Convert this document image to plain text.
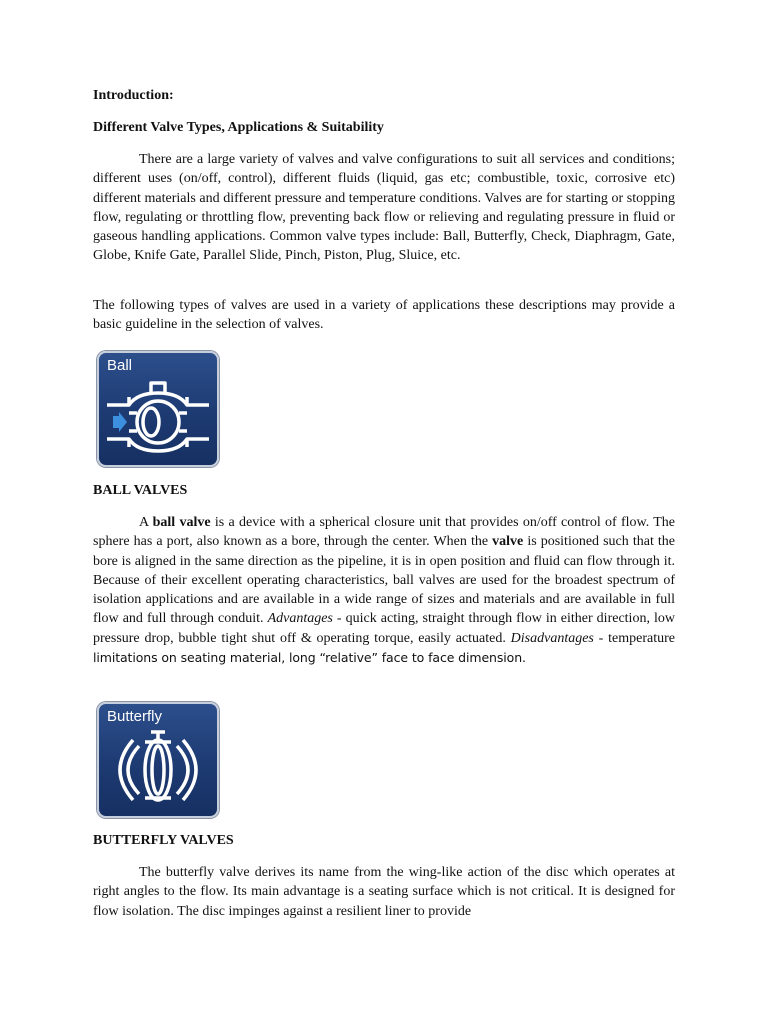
Introduction:
Different Valve Types, Applications & Suitability

There are a large variety of valves and valve configurations to suit all services and conditions; different uses (on/off, control), different fluids (liquid, gas etc; combustible, toxic, corrosive etc) different materials and different pressure and temperature conditions. Valves are for starting or stopping flow, regulating or throttling flow, preventing back flow or relieving and regulating pressure in fluid or gaseous handling applications. Common valve types include: Ball, Butterfly, Check, Diaphragm, Gate, Globe, Knife Gate, Parallel Slide, Pinch, Piston, Plug, Sluice, etc.

The following types of valves are used in a variety of applications these descriptions may provide a basic guideline in the selection of valves.

Ball
BALL VALVES

A ball valve is a device with a spherical closure unit that provides on/off control of flow. The sphere has a port, also known as a bore, through the center. When the valve is positioned such that the bore is aligned in the same direction as the pipeline, it is in open position and fluid can flow through it. Because of their excellent operating characteristics, ball valves are used for the broadest spectrum of isolation applications and are available in a wide range of sizes and materials and are available in full flow and full through conduit. Advantages - quick acting, straight through flow in either direction, low pressure drop, bubble tight shut off & operating torque, easily actuated. Disadvantages - temperature limitations on seating material, long “relative” face to face dimension.

Butterfly
BUTTERFLY VALVES

The butterfly valve derives its name from the wing-like action of the disc which operates at right angles to the flow. Its main advantage is a seating surface which is not critical. It is designed for flow isolation. The disc impinges against a resilient liner to provide
